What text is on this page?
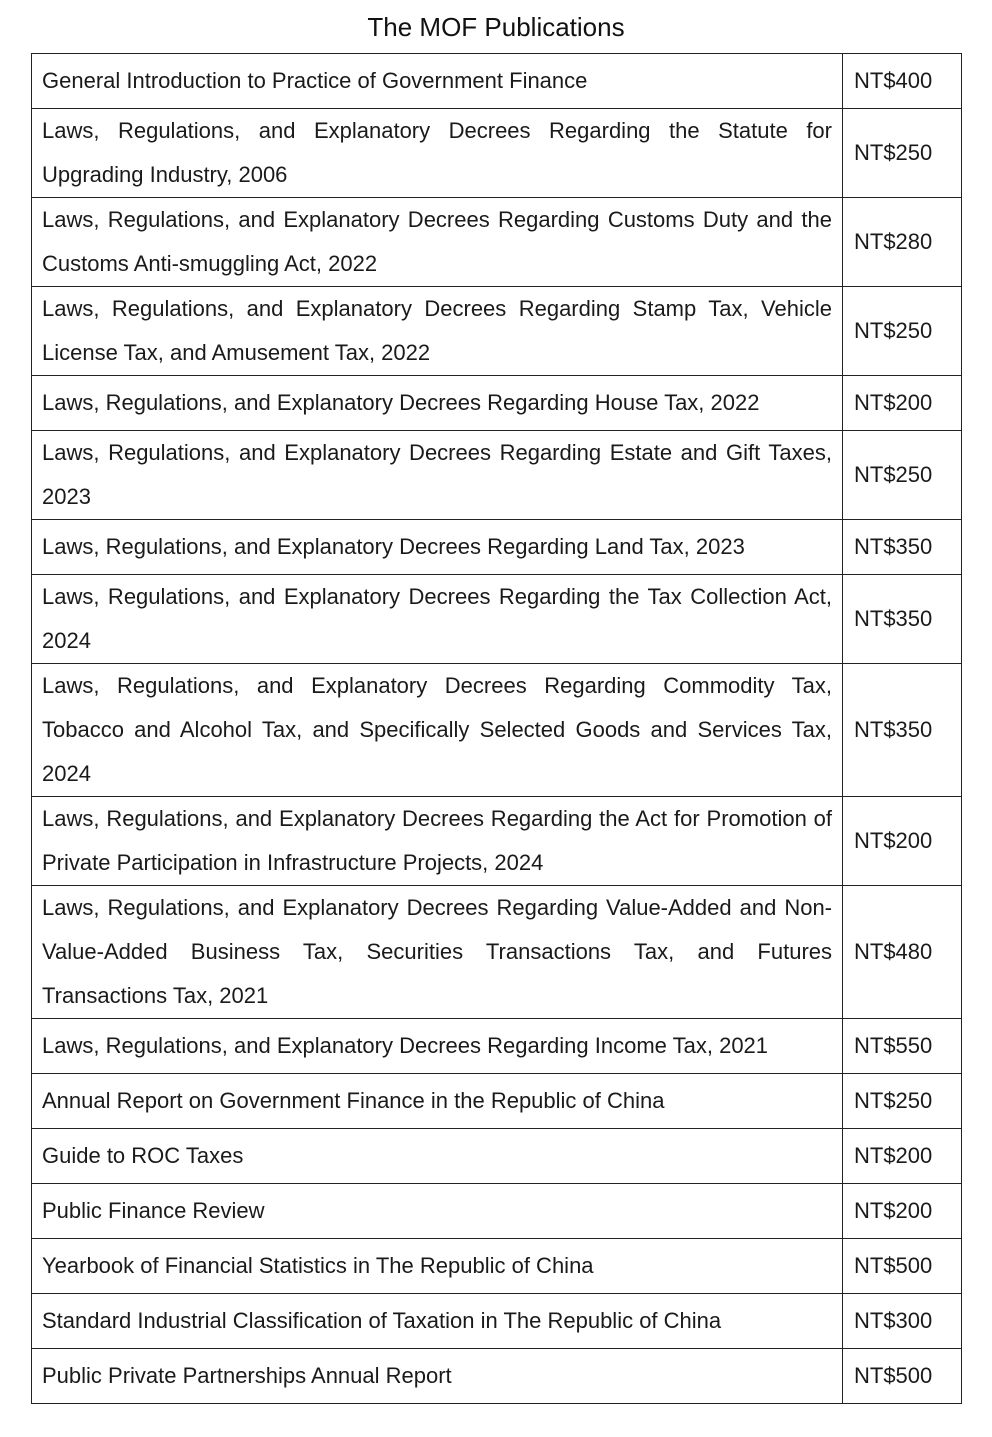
The MOF Publications
General Introduction to Practice of Government Finance	NT$400
Laws, Regulations, and Explanatory Decrees Regarding the Statute for Upgrading Industry, 2006	NT$250
Laws, Regulations, and Explanatory Decrees Regarding Customs Duty and the Customs Anti-smuggling Act, 2022	NT$280
Laws, Regulations, and Explanatory Decrees Regarding Stamp Tax, Vehicle License Tax, and Amusement Tax, 2022	NT$250
Laws, Regulations, and Explanatory Decrees Regarding House Tax, 2022	NT$200
Laws, Regulations, and Explanatory Decrees Regarding Estate and Gift Taxes, 2023	NT$250
Laws, Regulations, and Explanatory Decrees Regarding Land Tax, 2023	NT$350
Laws, Regulations, and Explanatory Decrees Regarding the Tax Collection Act, 2024	NT$350
Laws, Regulations, and Explanatory Decrees Regarding Commodity Tax, Tobacco and Alcohol Tax, and Specifically Selected Goods and Services Tax, 2024	NT$350
Laws, Regulations, and Explanatory Decrees Regarding the Act for Promotion of Private Participation in Infrastructure Projects, 2024	NT$200
Laws, Regulations, and Explanatory Decrees Regarding Value-Added and Non-Value-Added Business Tax, Securities Transactions Tax, and Futures Transactions Tax, 2021	NT$480
Laws, Regulations, and Explanatory Decrees Regarding Income Tax, 2021	NT$550
Annual Report on Government Finance in the Republic of China	NT$250
Guide to ROC Taxes	NT$200
Public Finance Review	NT$200
Yearbook of Financial Statistics in The Republic of China	NT$500
Standard Industrial Classification of Taxation in The Republic of China	NT$300
Public Private Partnerships Annual Report	NT$500
